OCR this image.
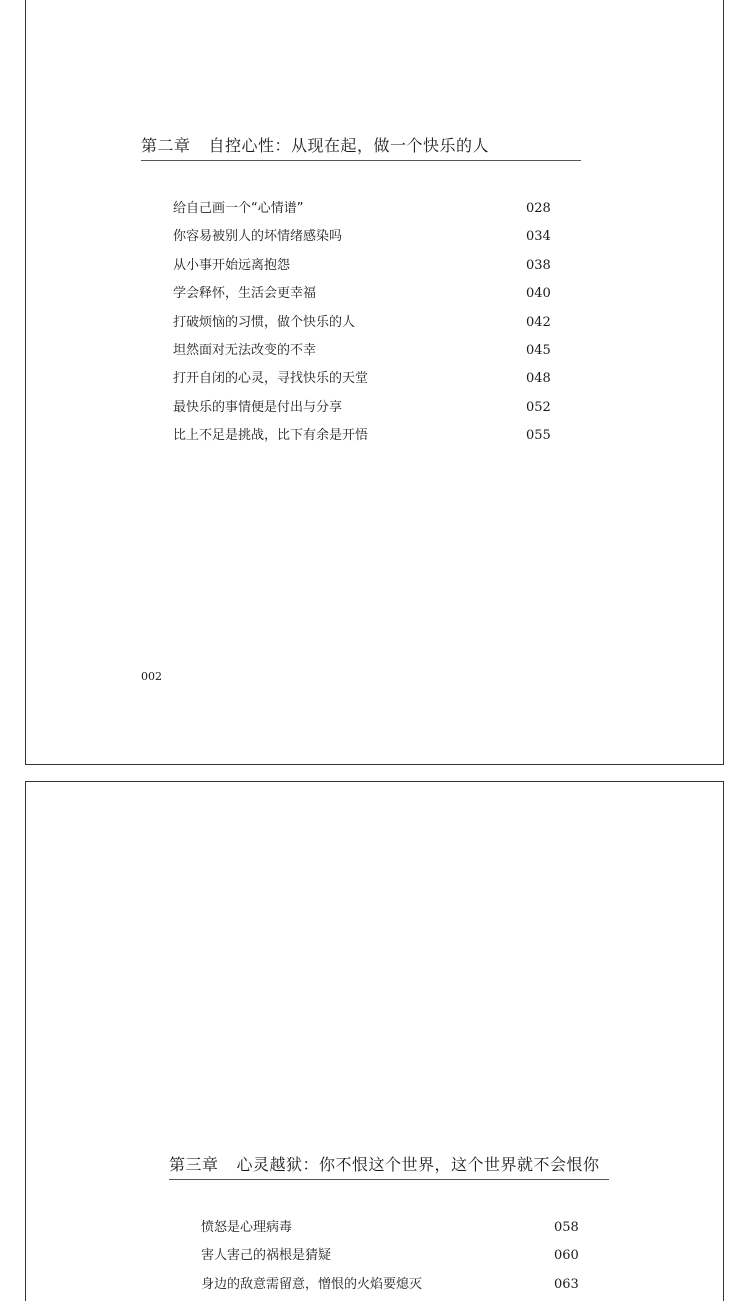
第二章 自控心性：从现在起，做一个快乐的人
给自己画一个“心情谱”	028
你容易被别人的坏情绪感染吗	034
从小事开始远离抱怨	038
学会释怀，生活会更幸福	040
打破烦恼的习惯，做个快乐的人	042
坦然面对无法改变的不幸	045
打开自闭的心灵，寻找快乐的天堂	048
最快乐的事情便是付出与分享	052
比上不足是挑战，比下有余是开悟	055
002
第三章 心灵越狱：你不恨这个世界，这个世界就不会恨你
愤怒是心理病毒	058
害人害己的祸根是猜疑	060
身边的敌意需留意，憎恨的火焰要熄灭	063
